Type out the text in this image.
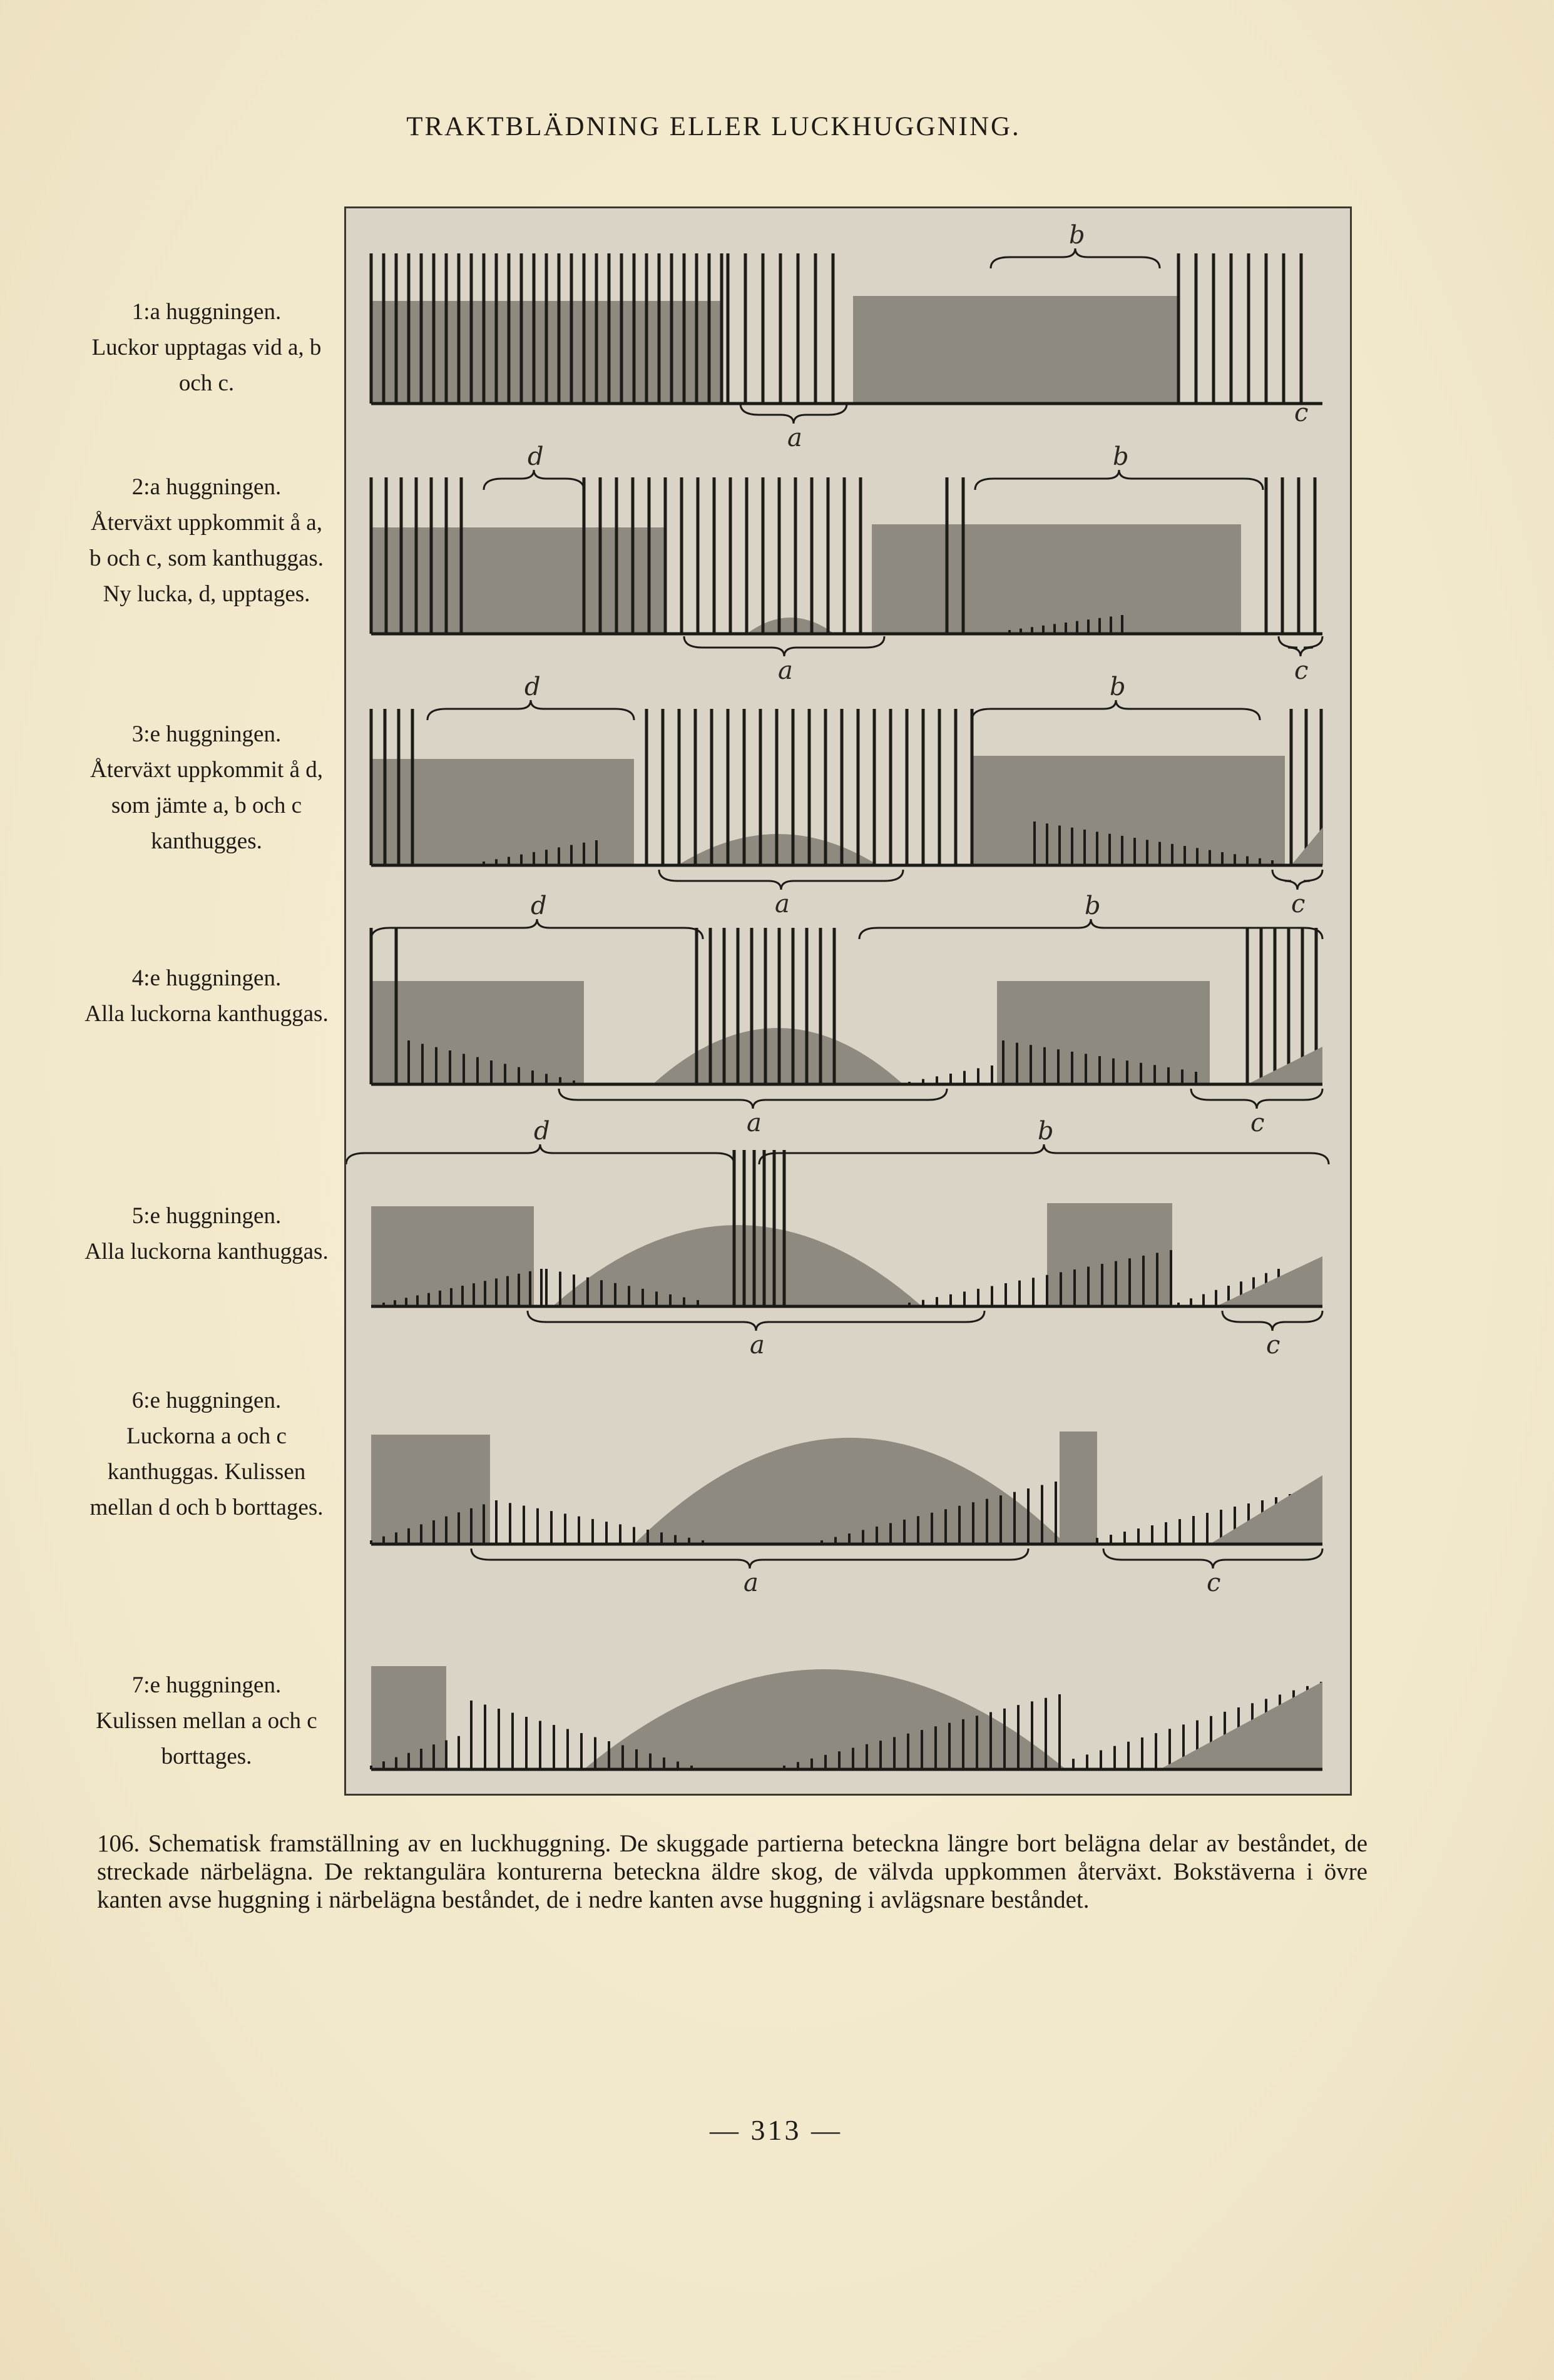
TRAKTBLÄDNING ELLER LUCKHUGGNING.
1:a huggningen.
Luckor upptagas vid a, b och c.
2:a huggningen.
Återväxt uppkommit å a, b och c, som kanthuggas. Ny lucka, d, upptages.
3:e huggningen.
Återväxt uppkommit å d, som jämte a, b och c kanthugges.
4:e huggningen.
Alla luckorna kanthuggas.
5:e huggningen.
Alla luckorna kanthuggas.
6:e huggningen.
Luckorna a och c kanthuggas. Kulissen mellan d och b borttages.
7:e huggningen.
Kulissen mellan a och c borttages.
b
a
c
d	b
a	c
d	b
a	c
d	b
a	c
d	b
a	c
a	c
106. Schematisk framställning av en luckhuggning. De skuggade partierna beteckna längre bort belägna delar av beståndet, de streckade närbelägna. De rektangulära konturerna beteckna äldre skog, de välvda uppkommen återväxt. Bokstäverna i övre kanten avse huggning i närbelägna beståndet, de i nedre kanten avse huggning i avlägsnare beståndet.
— 313 —
